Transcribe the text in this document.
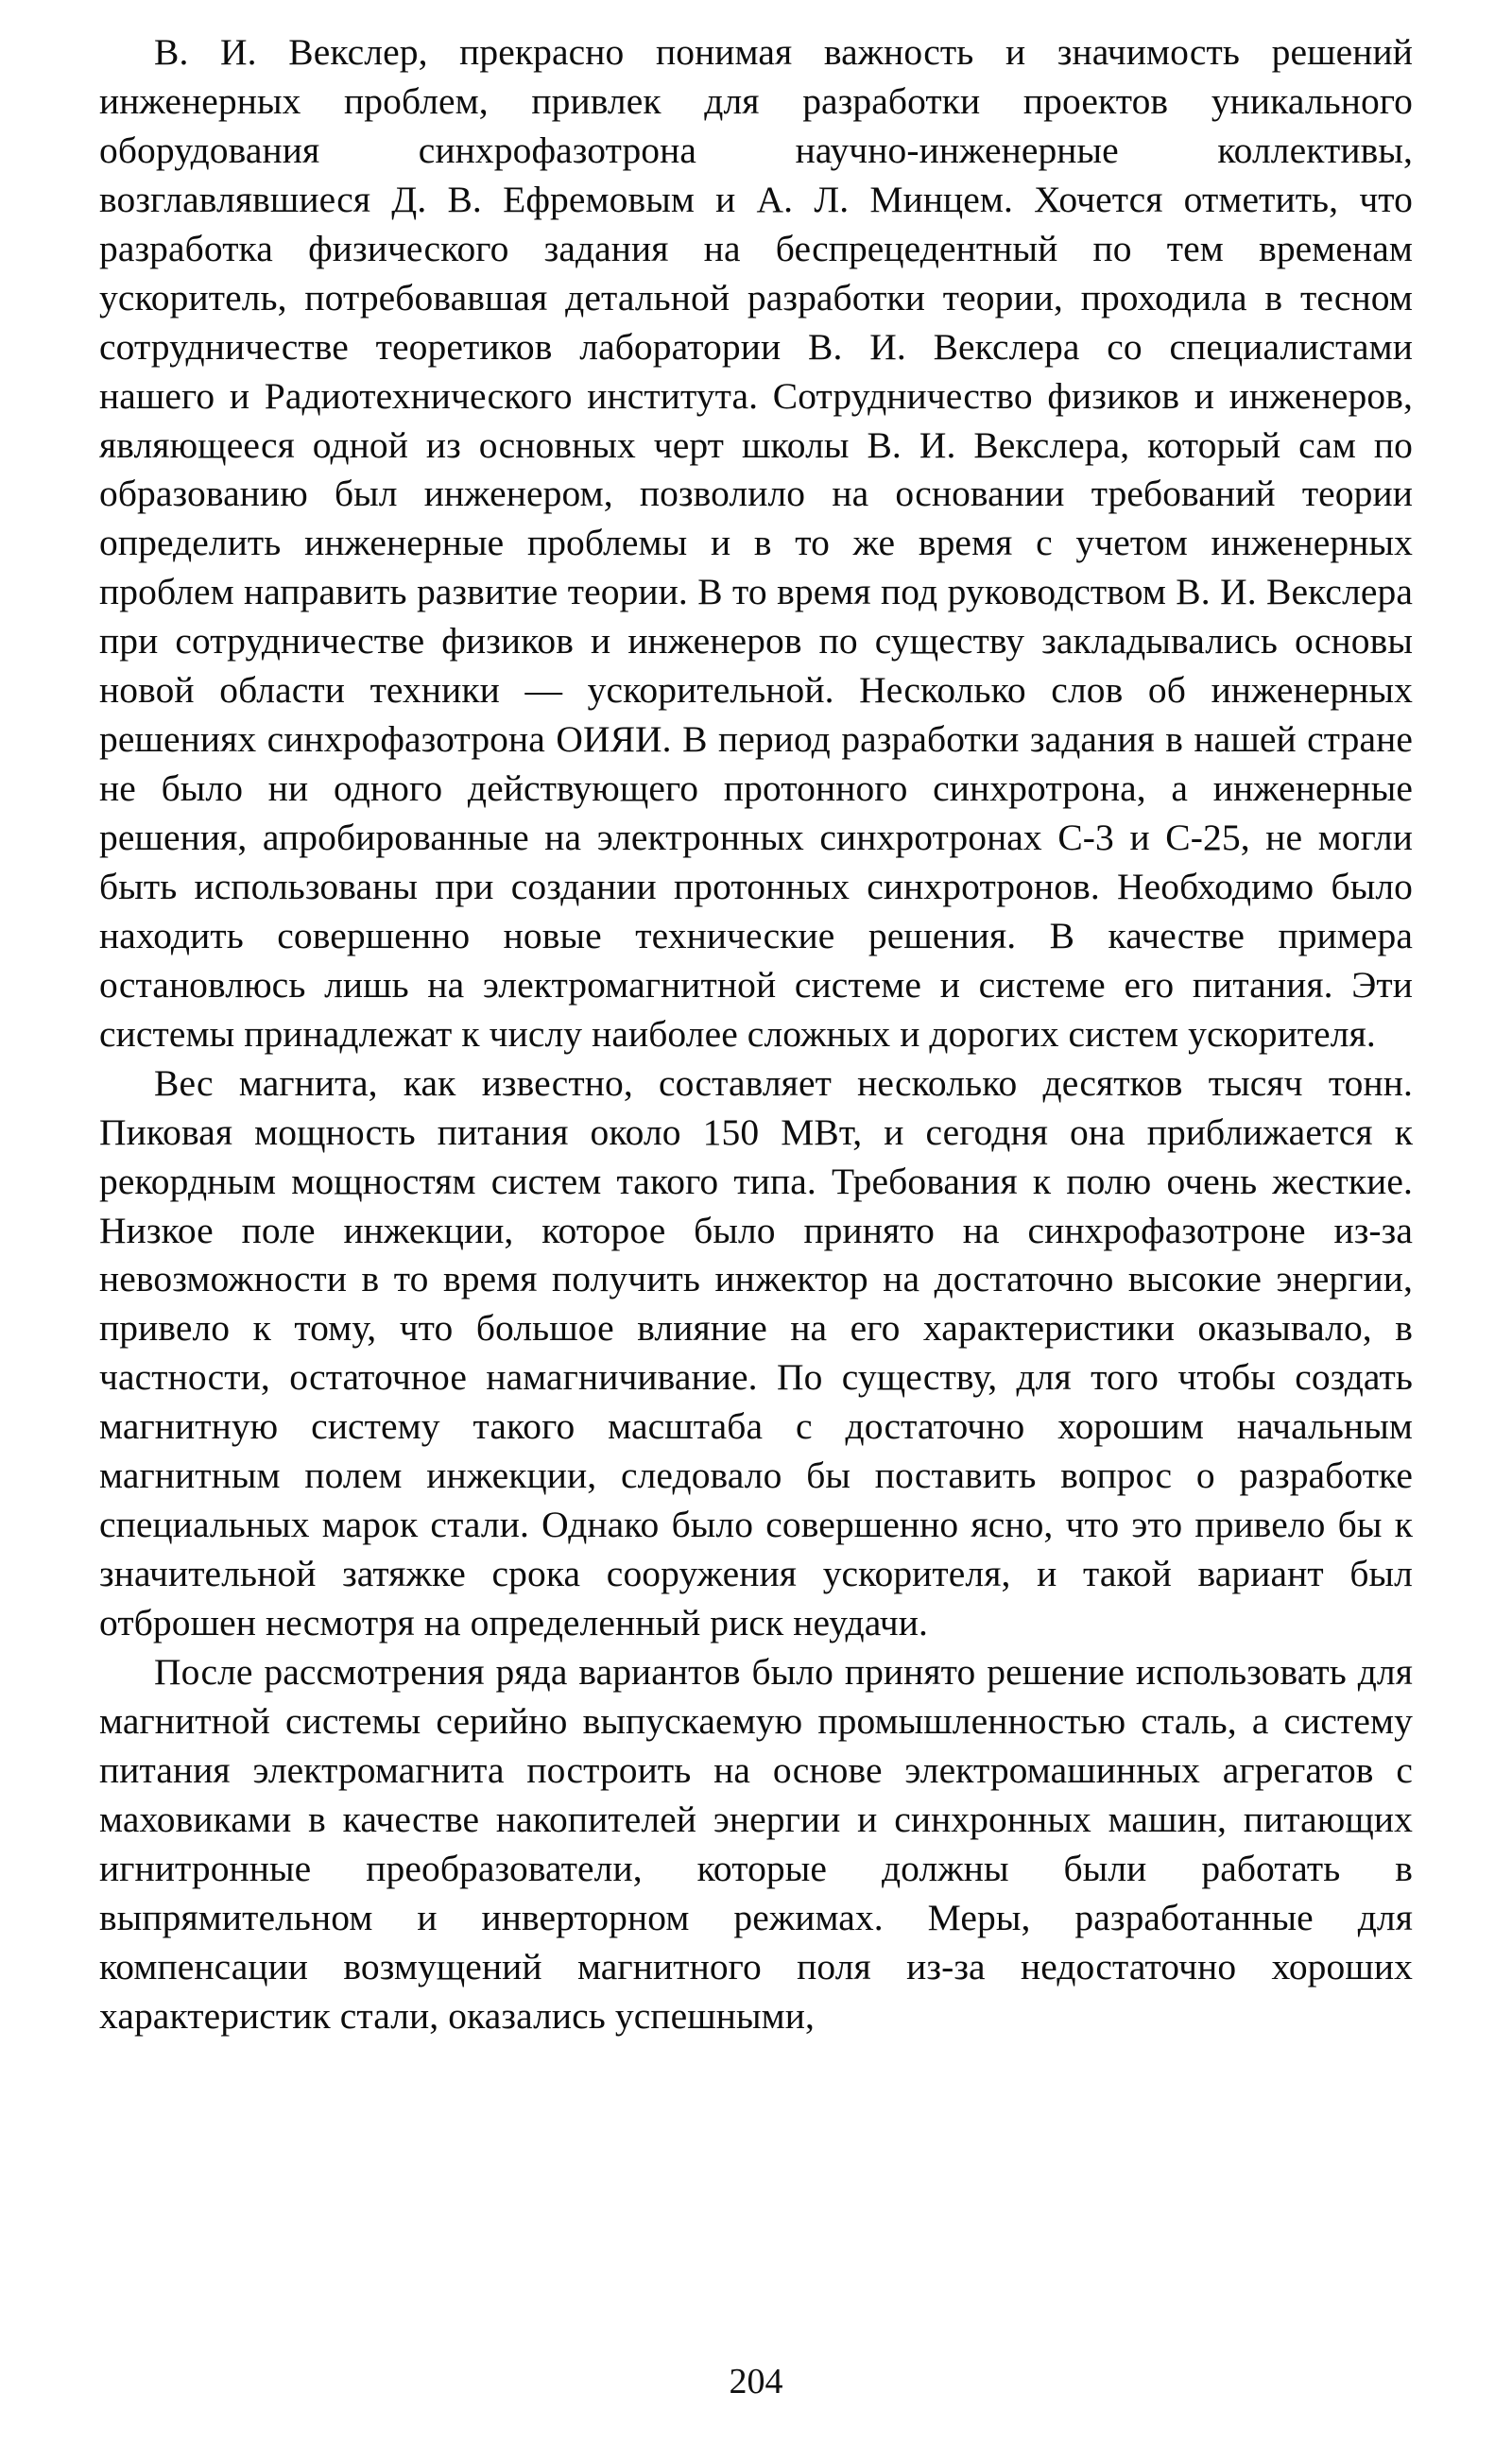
В. И. Векслер, прекрасно понимая важность и значимость решений инженерных проблем, привлек для разработки проектов уникального оборудования синхрофазотрона научно-инженерные коллективы, возглавлявшиеся Д. В. Ефремовым и А. Л. Минцем. Хочется отметить, что разработка физического задания на беспрецедентный по тем временам ускоритель, потребовавшая детальной разработки теории, проходила в тесном сотрудничестве теоретиков лаборатории В. И. Векслера со специалистами нашего и Радиотехнического института. Сотрудничество физиков и инженеров, являющееся одной из основных черт школы В. И. Векслера, который сам по образованию был инженером, позволило на основании требований теории определить инженерные проблемы и в то же время с учетом инженерных проблем направить развитие теории. В то время под руководством В. И. Векслера при сотрудничестве физиков и инженеров по существу закладывались основы новой области техники — ускорительной. Несколько слов об инженерных решениях синхрофазотрона ОИЯИ. В период разработки задания в нашей стране не было ни одного действующего протонного синхротрона, а инженерные решения, апробированные на электронных синхротронах С-3 и С-25, не могли быть использованы при создании протонных синхротронов. Необходимо было находить совершенно новые технические решения. В качестве примера остановлюсь лишь на электромагнитной системе и системе его питания. Эти системы принадлежат к числу наиболее сложных и дорогих систем ускорителя.

Вес магнита, как известно, составляет несколько десятков тысяч тонн. Пиковая мощность питания около 150 МВт, и сегодня она приближается к рекордным мощностям систем такого типа. Требования к полю очень жесткие. Низкое поле инжекции, которое было принято на синхрофазотроне из-за невозможности в то время получить инжектор на достаточно высокие энергии, привело к тому, что большое влияние на его характеристики оказывало, в частности, остаточное намагничивание. По существу, для того чтобы создать магнитную систему такого масштаба с достаточно хорошим начальным магнитным полем инжекции, следовало бы поставить вопрос о разработке специальных марок стали. Однако было совершенно ясно, что это привело бы к значительной затяжке срока сооружения ускорителя, и такой вариант был отброшен несмотря на определенный риск неудачи.

После рассмотрения ряда вариантов было принято решение использовать для магнитной системы серийно выпускаемую промышленностью сталь, а систему питания электромагнита построить на основе электромашинных агрегатов с маховиками в качестве накопителей энергии и синхронных машин, питающих игнитронные преобразователи, которые должны были работать в выпрямительном и инверторном режимах. Меры, разработанные для компенсации возмущений магнитного поля из-за недостаточно хороших характеристик стали, оказались успешными,

204
